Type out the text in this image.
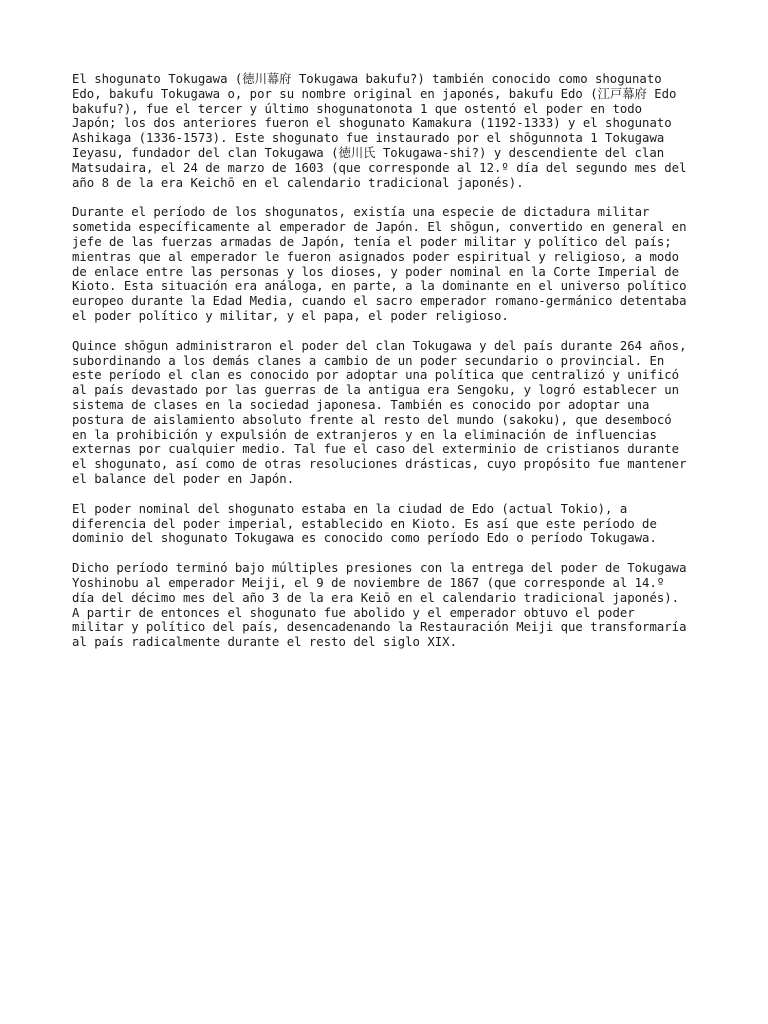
El shogunato Tokugawa (徳川幕府 Tokugawa bakufu?) también conocido como shogunato
Edo, bakufu Tokugawa o, por su nombre original en japonés, bakufu Edo (江戸幕府 Edo
bakufu?), fue el tercer y último shogunatonota 1 que ostentó el poder en todo
Japón; los dos anteriores fueron el shogunato Kamakura (1192-1333) y el shogunato
Ashikaga (1336-1573). Este shogunato fue instaurado por el shōgunnota 1 Tokugawa
Ieyasu, fundador del clan Tokugawa (徳川氏 Tokugawa-shi?) y descendiente del clan
Matsudaira, el 24 de marzo de 1603 (que corresponde al 12.º día del segundo mes del
año 8 de la era Keichō en el calendario tradicional japonés).

Durante el período de los shogunatos, existía una especie de dictadura militar
sometida específicamente al emperador de Japón. El shōgun, convertido en general en
jefe de las fuerzas armadas de Japón, tenía el poder militar y político del país;
mientras que al emperador le fueron asignados poder espiritual y religioso, a modo
de enlace entre las personas y los dioses, y poder nominal en la Corte Imperial de
Kioto. Esta situación era análoga, en parte, a la dominante en el universo político
europeo durante la Edad Media, cuando el sacro emperador romano-germánico detentaba
el poder político y militar, y el papa, el poder religioso.

Quince shōgun administraron el poder del clan Tokugawa y del país durante 264 años,
subordinando a los demás clanes a cambio de un poder secundario o provincial. En
este período el clan es conocido por adoptar una política que centralizó y unificó
al país devastado por las guerras de la antigua era Sengoku, y logró establecer un
sistema de clases en la sociedad japonesa. También es conocido por adoptar una
postura de aislamiento absoluto frente al resto del mundo (sakoku), que desembocó
en la prohibición y expulsión de extranjeros y en la eliminación de influencias
externas por cualquier medio. Tal fue el caso del exterminio de cristianos durante
el shogunato, así como de otras resoluciones drásticas, cuyo propósito fue mantener
el balance del poder en Japón.

El poder nominal del shogunato estaba en la ciudad de Edo (actual Tokio), a
diferencia del poder imperial, establecido en Kioto. Es así que este período de
dominio del shogunato Tokugawa es conocido como período Edo o período Tokugawa.

Dicho período terminó bajo múltiples presiones con la entrega del poder de Tokugawa
Yoshinobu al emperador Meiji, el 9 de noviembre de 1867 (que corresponde al 14.º
día del décimo mes del año 3 de la era Keiō en el calendario tradicional japonés).
A partir de entonces el shogunato fue abolido y el emperador obtuvo el poder
militar y político del país, desencadenando la Restauración Meiji que transformaría
al país radicalmente durante el resto del siglo XIX.
